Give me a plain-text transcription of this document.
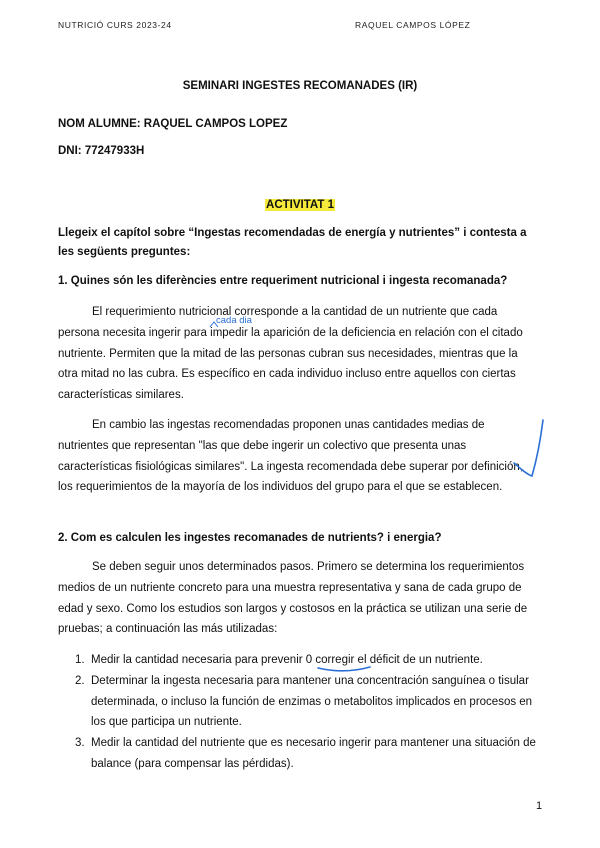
NUTRICIÓ CURS 2023-24	RAQUEL CAMPOS LÓPEZ
SEMINARI INGESTES RECOMANADES (IR)
NOM ALUMNE: RAQUEL CAMPOS LOPEZ
DNI: 77247933H
ACTIVITAT 1
Llegeix el capítol sobre “Ingestas recomendadas de energía y nutrientes” i contesta a les següents preguntes:
1. Quines són les diferències entre requeriment nutricional i ingesta recomanada?
El requerimiento nutricional corresponde a la cantidad de un nutriente que cada persona necesita ingerir para impedir la aparición de la deficiencia en relación con el citado nutriente. Permiten que la mitad de las personas cubran sus necesidades, mientras que la otra mitad no las cubra. Es específico en cada individuo incluso entre aquellos con ciertas características similares.
cada dia
En cambio las ingestas recomendadas proponen unas cantidades medias de nutrientes que representan "las que debe ingerir un colectivo que presenta unas características fisiológicas similares". La ingesta recomendada debe superar por definición, los requerimientos de la mayoría de los individuos del grupo para el que se establecen.
2. Com es calculen les ingestes recomanades de nutrients? i energia?
Se deben seguir unos determinados pasos. Primero se determina los requerimientos medios de un nutriente concreto para una muestra representativa y sana de cada grupo de edad y sexo. Como los estudios son largos y costosos en la práctica se utilizan una serie de pruebas; a continuación las más utilizadas:
1. Medir la cantidad necesaria para prevenir 0 corregir el déficit de un nutriente.
2. Determinar la ingesta necesaria para mantener una concentración sanguínea o tisular determinada, o incluso la función de enzimas o metabolitos implicados en procesos en los que participa un nutriente.
3. Medir la cantidad del nutriente que es necesario ingerir para mantener una situación de balance (para compensar las pérdidas).
1
